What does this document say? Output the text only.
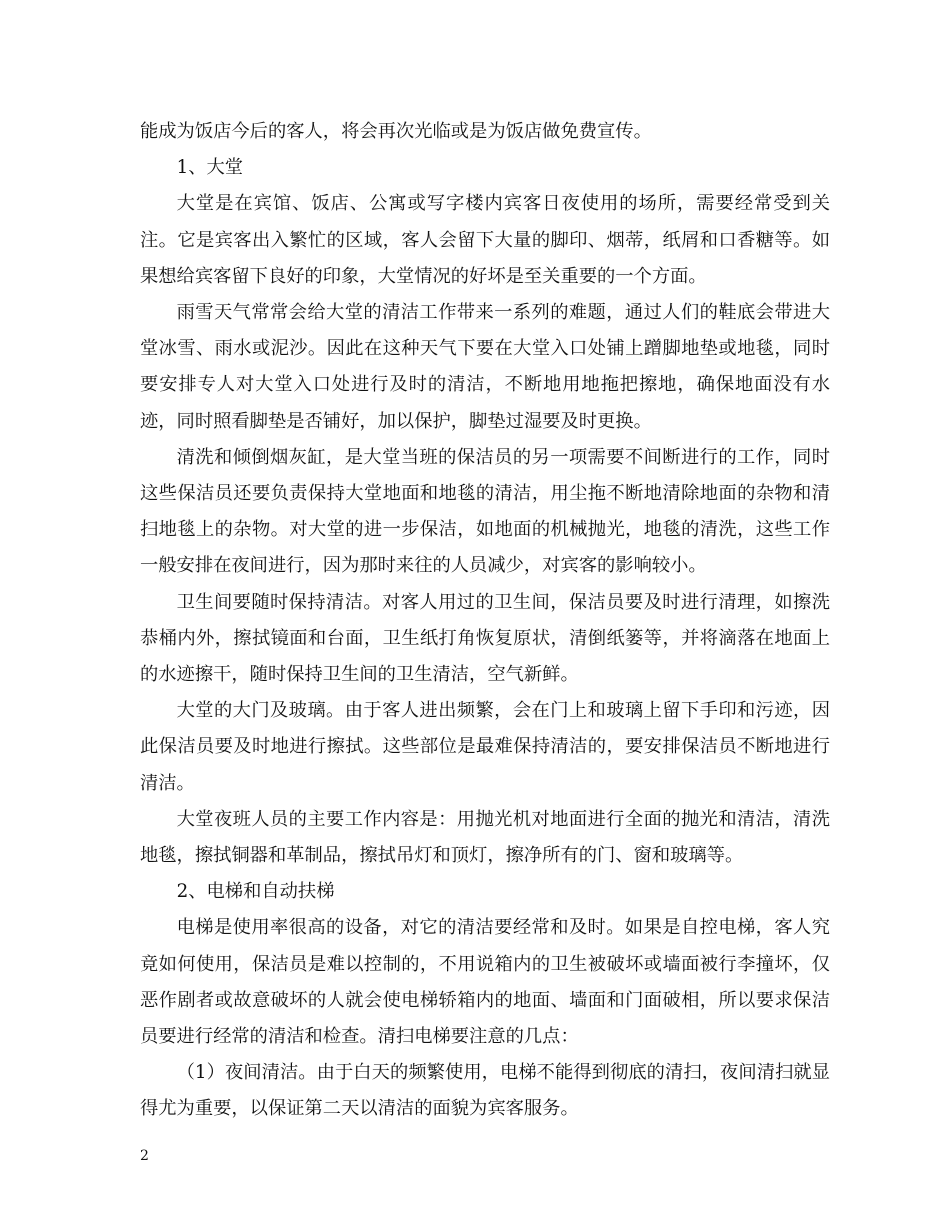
能成为饭店今后的客人，将会再次光临或是为饭店做免费宣传。

1、大堂

大堂是在宾馆、饭店、公寓或写字楼内宾客日夜使用的场所，需要经常受到关注。它是宾客出入繁忙的区域，客人会留下大量的脚印、烟蒂，纸屑和口香糖等。如果想给宾客留下良好的印象，大堂情况的好坏是至关重要的一个方面。

雨雪天气常常会给大堂的清洁工作带来一系列的难题，通过人们的鞋底会带进大堂冰雪、雨水或泥沙。因此在这种天气下要在大堂入口处铺上蹭脚地垫或地毯，同时要安排专人对大堂入口处进行及时的清洁，不断地用地拖把擦地，确保地面没有水迹，同时照看脚垫是否铺好，加以保护，脚垫过湿要及时更换。

清洗和倾倒烟灰缸，是大堂当班的保洁员的另一项需要不间断进行的工作，同时这些保洁员还要负责保持大堂地面和地毯的清洁，用尘拖不断地清除地面的杂物和清扫地毯上的杂物。对大堂的进一步保洁，如地面的机械抛光，地毯的清洗，这些工作一般安排在夜间进行，因为那时来往的人员减少，对宾客的影响较小。

卫生间要随时保持清洁。对客人用过的卫生间，保洁员要及时进行清理，如擦洗恭桶内外，擦拭镜面和台面，卫生纸打角恢复原状，清倒纸篓等，并将滴落在地面上的水迹擦干，随时保持卫生间的卫生清洁，空气新鲜。

大堂的大门及玻璃。由于客人进出频繁，会在门上和玻璃上留下手印和污迹，因此保洁员要及时地进行擦拭。这些部位是最难保持清洁的，要安排保洁员不断地进行清洁。

大堂夜班人员的主要工作内容是：用抛光机对地面进行全面的抛光和清洁，清洗地毯，擦拭铜器和革制品，擦拭吊灯和顶灯，擦净所有的门、窗和玻璃等。

2、电梯和自动扶梯

电梯是使用率很高的设备，对它的清洁要经常和及时。如果是自控电梯，客人究竟如何使用，保洁员是难以控制的，不用说箱内的卫生被破坏或墙面被行李撞坏，仅恶作剧者或故意破坏的人就会使电梯轿箱内的地面、墙面和门面破相，所以要求保洁员要进行经常的清洁和检查。清扫电梯要注意的几点：

（1）夜间清洁。由于白天的频繁使用，电梯不能得到彻底的清扫，夜间清扫就显得尤为重要，以保证第二天以清洁的面貌为宾客服务。

2
